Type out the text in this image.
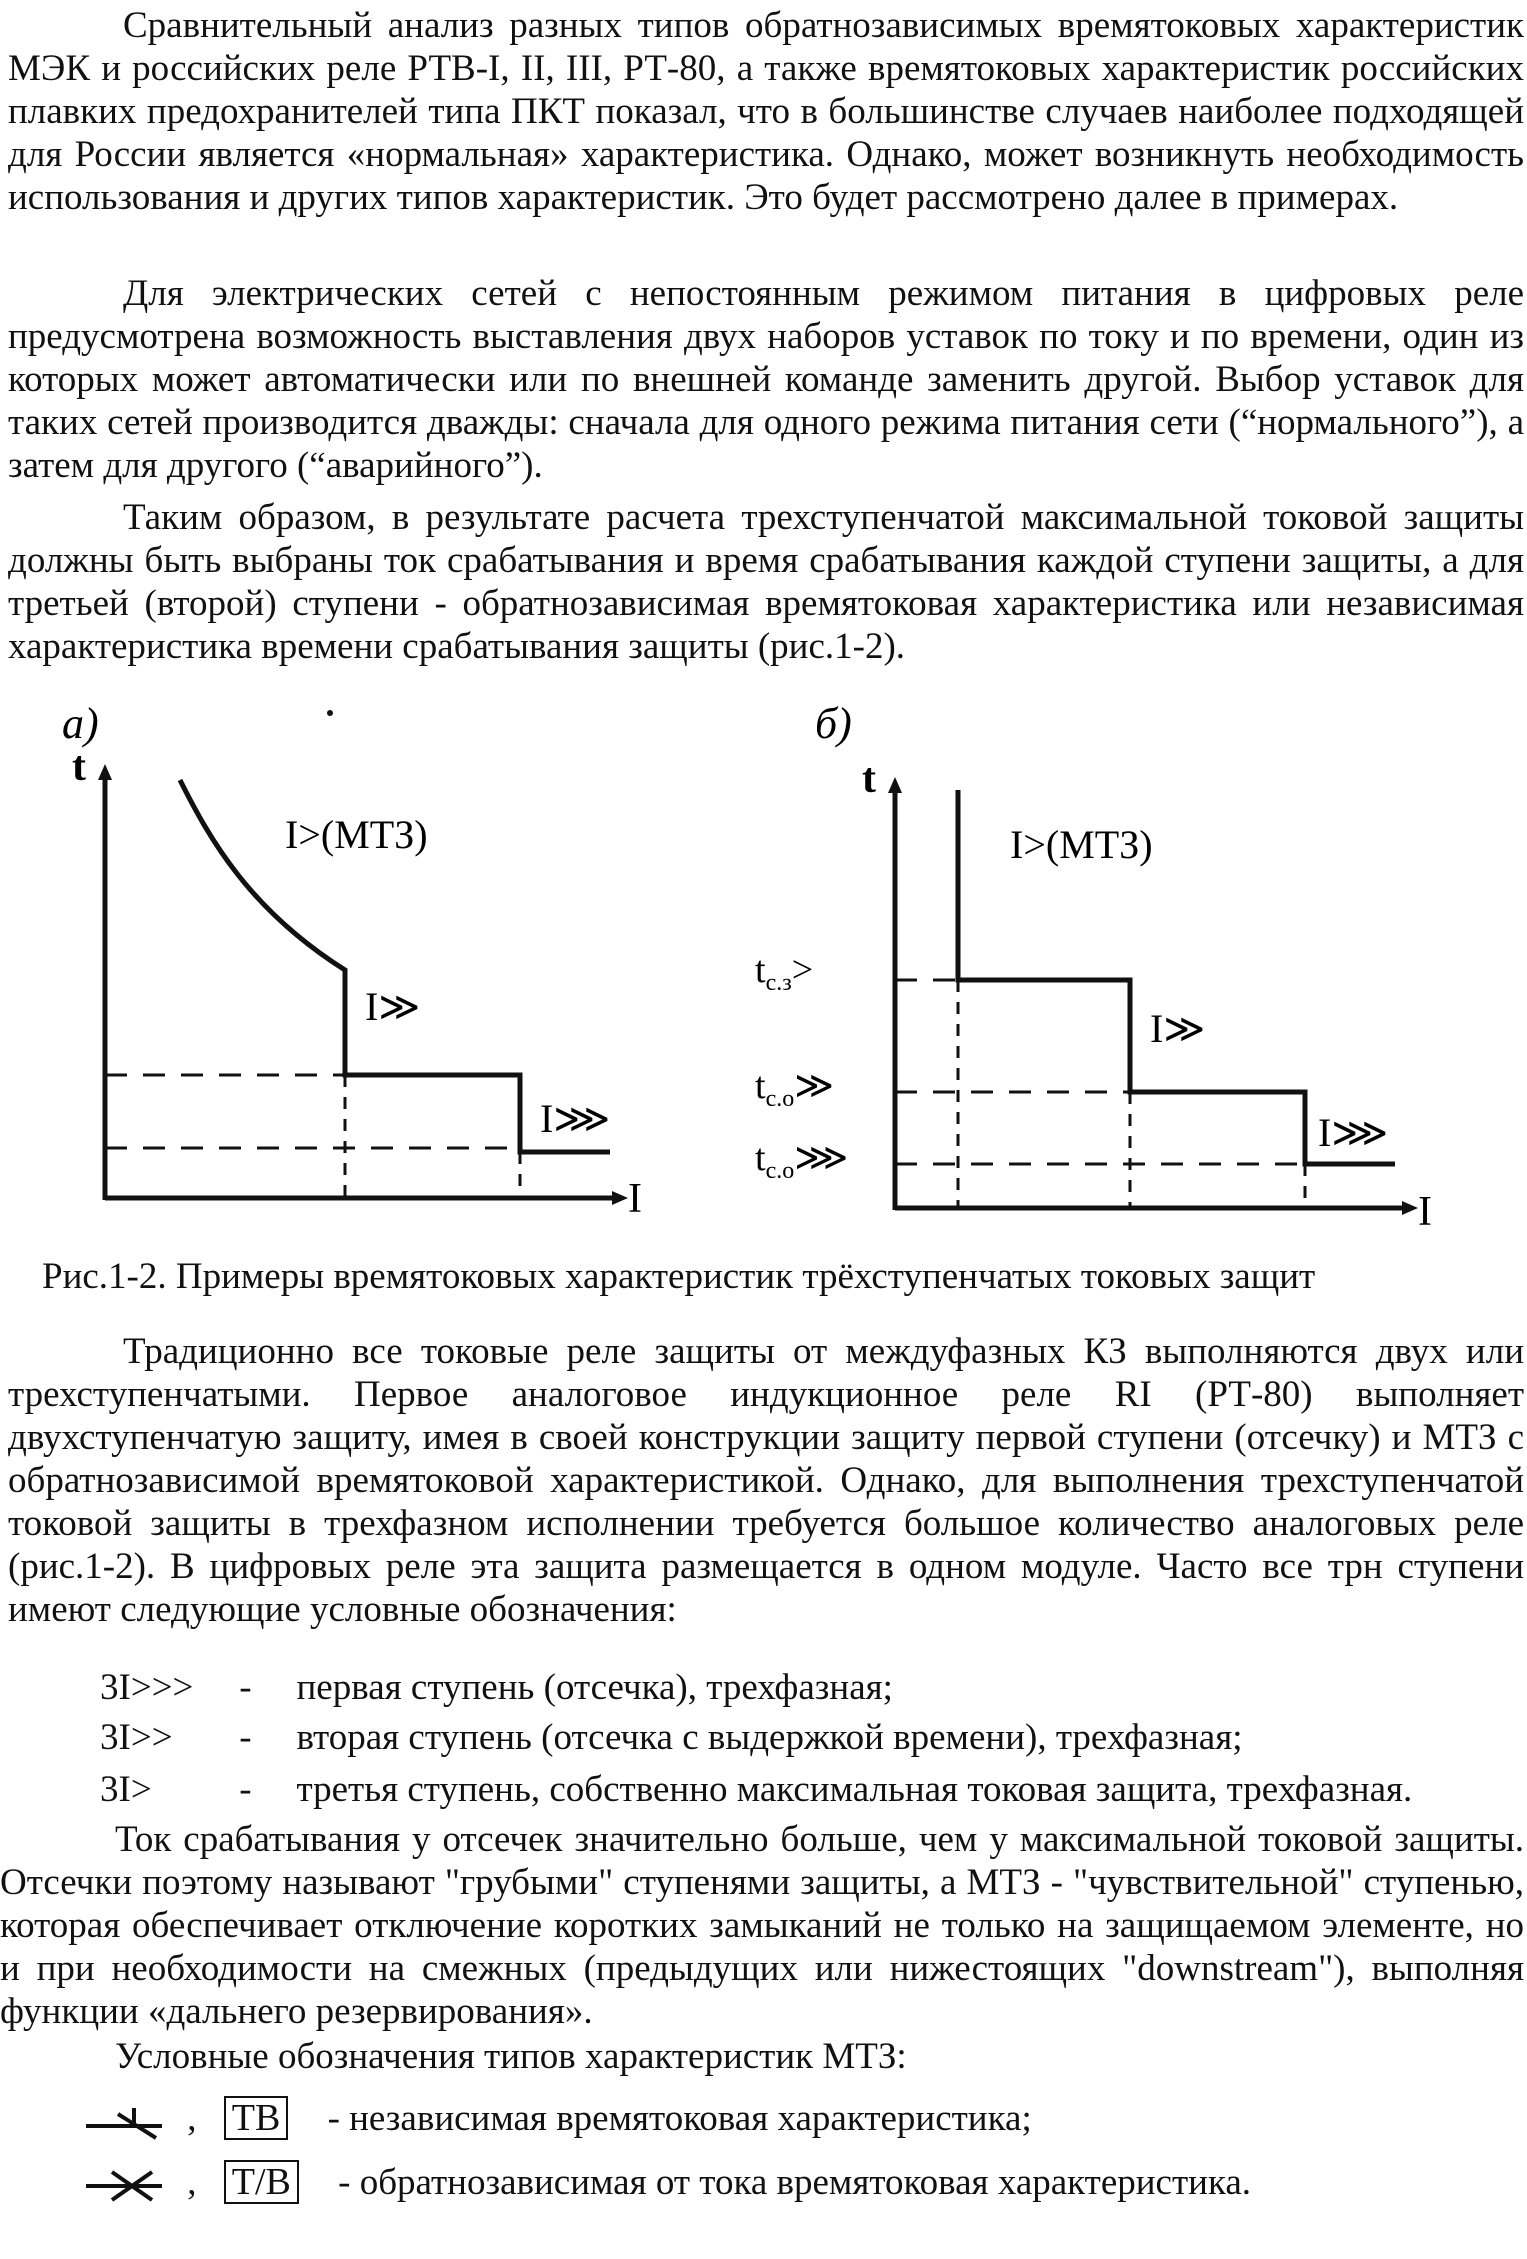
Сравнительный анализ разных типов обратнозависимых времятоковых характеристик МЭК и российских реле РТВ-I, II, III, РТ-80, а также времятоковых характеристик российских плавких предохранителей типа ПКТ показал, что в большинстве случаев наиболее подходящей для России является «нормальная» характеристика. Однако, может возникнуть необходимость использования и других типов характеристик. Это будет рассмотрено далее в примерах.
Для электрических сетей с непостоянным режимом питания в цифровых реле предусмотрена возможность выставления двух наборов уставок по току и по времени, один из которых может автоматически или по внешней команде заменить другой. Выбор уставок для таких сетей производится дважды: сначала для одного режима питания сети (“нормального”), а затем для другого (“аварийного”).
Таким образом, в результате расчета трехступенчатой максимальной токовой защиты должны быть выбраны ток срабатывания и время срабатывания каждой ступени защиты, а для третьей (второй) ступени - обратнозависимая времятоковая характеристика или независимая характеристика времени срабатывания защиты (рис.1-2).
а)
t
I
I>(МТЗ)
I≫
I⋙
б)
t
I
I>(МТЗ)
I≫
I⋙
$t_{с.з}>$
$t_{с.о}≫$
$t_{с.о}⋙$
Рис.1-2. Примеры времятоковых характеристик трёхступенчатых токовых защит
Традиционно все токовые реле защиты от междуфазных КЗ выполняются двух или трехступенчатыми. Первое аналоговое индукционное реле RI (РТ-80) выполняет двухступенчатую защиту, имея в своей конструкции защиту первой ступени (отсечку) и МТЗ с обратнозависимой времятоковой характеристикой. Однако, для выполнения трехступенчатой токовой защиты в трехфазном исполнении требуется большое количество аналоговых реле (рис.1-2). В цифровых реле эта защита размещается в одном модуле. Часто все трн ступени имеют следующие условные обозначения:
3I>>> - первая ступень (отсечка), трехфазная;
3I>> - вторая ступень (отсечка с выдержкой времени), трехфазная;
3I> - третья ступень, собственно максимальная токовая защита, трехфазная.
Ток срабатывания у отсечек значительно больше, чем у максимальной токовой защиты. Отсечки поэтому называют "грубыми" ступенями защиты, а МТЗ - "чувствительной" ступенью, которая обеспечивает отключение коротких замыканий не только на защищаемом элементе, но и при необходимости на смежных (предыдущих или нижестоящих "downstream"), выполняя функции «дальнего резервирования».
Условные обозначения типов характеристик МТЗ:
, ТВ - независимая времятоковая характеристика;
, Т/В - обратнозависимая от тока времятоковая характеристика.
